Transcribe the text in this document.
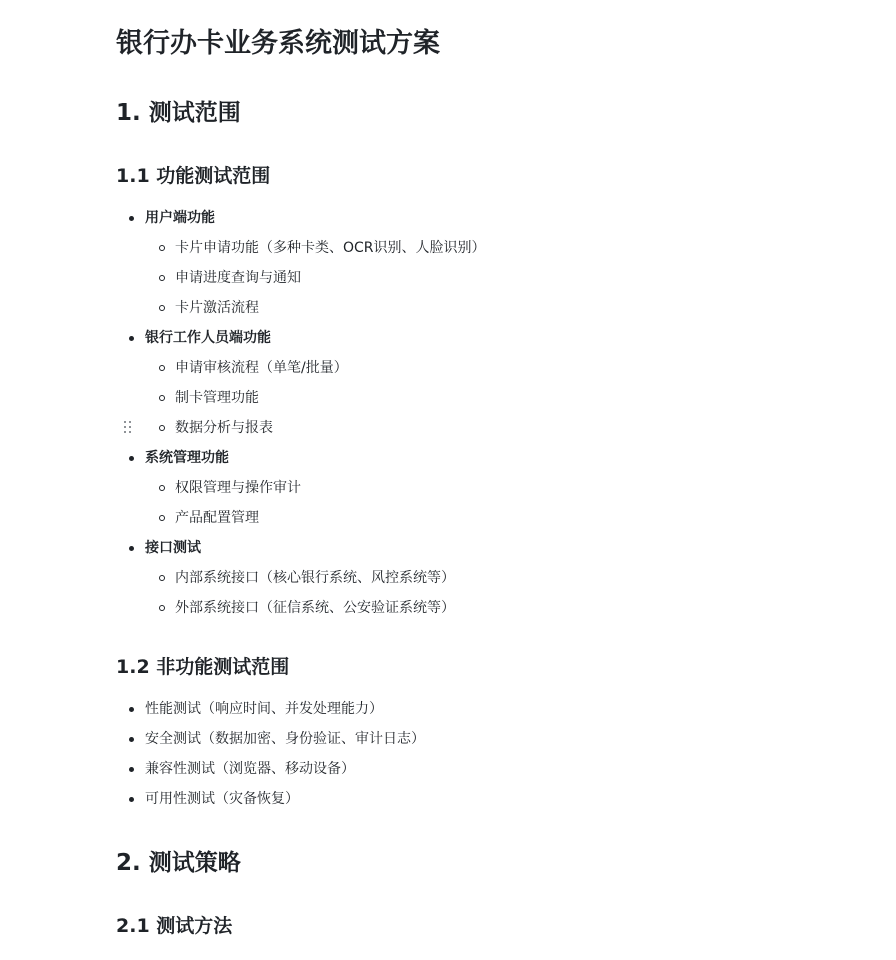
银行办卡业务系统测试方案
1. 测试范围
1.1 功能测试范围
用户端功能
卡片申请功能（多种卡类、OCR识别、人脸识别）
申请进度查询与通知
卡片激活流程
银行工作人员端功能
申请审核流程（单笔/批量）
制卡管理功能
数据分析与报表
系统管理功能
权限管理与操作审计
产品配置管理
接口测试
内部系统接口（核心银行系统、风控系统等）
外部系统接口（征信系统、公安验证系统等）
1.2 非功能测试范围
性能测试（响应时间、并发处理能力）
安全测试（数据加密、身份验证、审计日志）
兼容性测试（浏览器、移动设备）
可用性测试（灾备恢复）
2. 测试策略
2.1 测试方法
